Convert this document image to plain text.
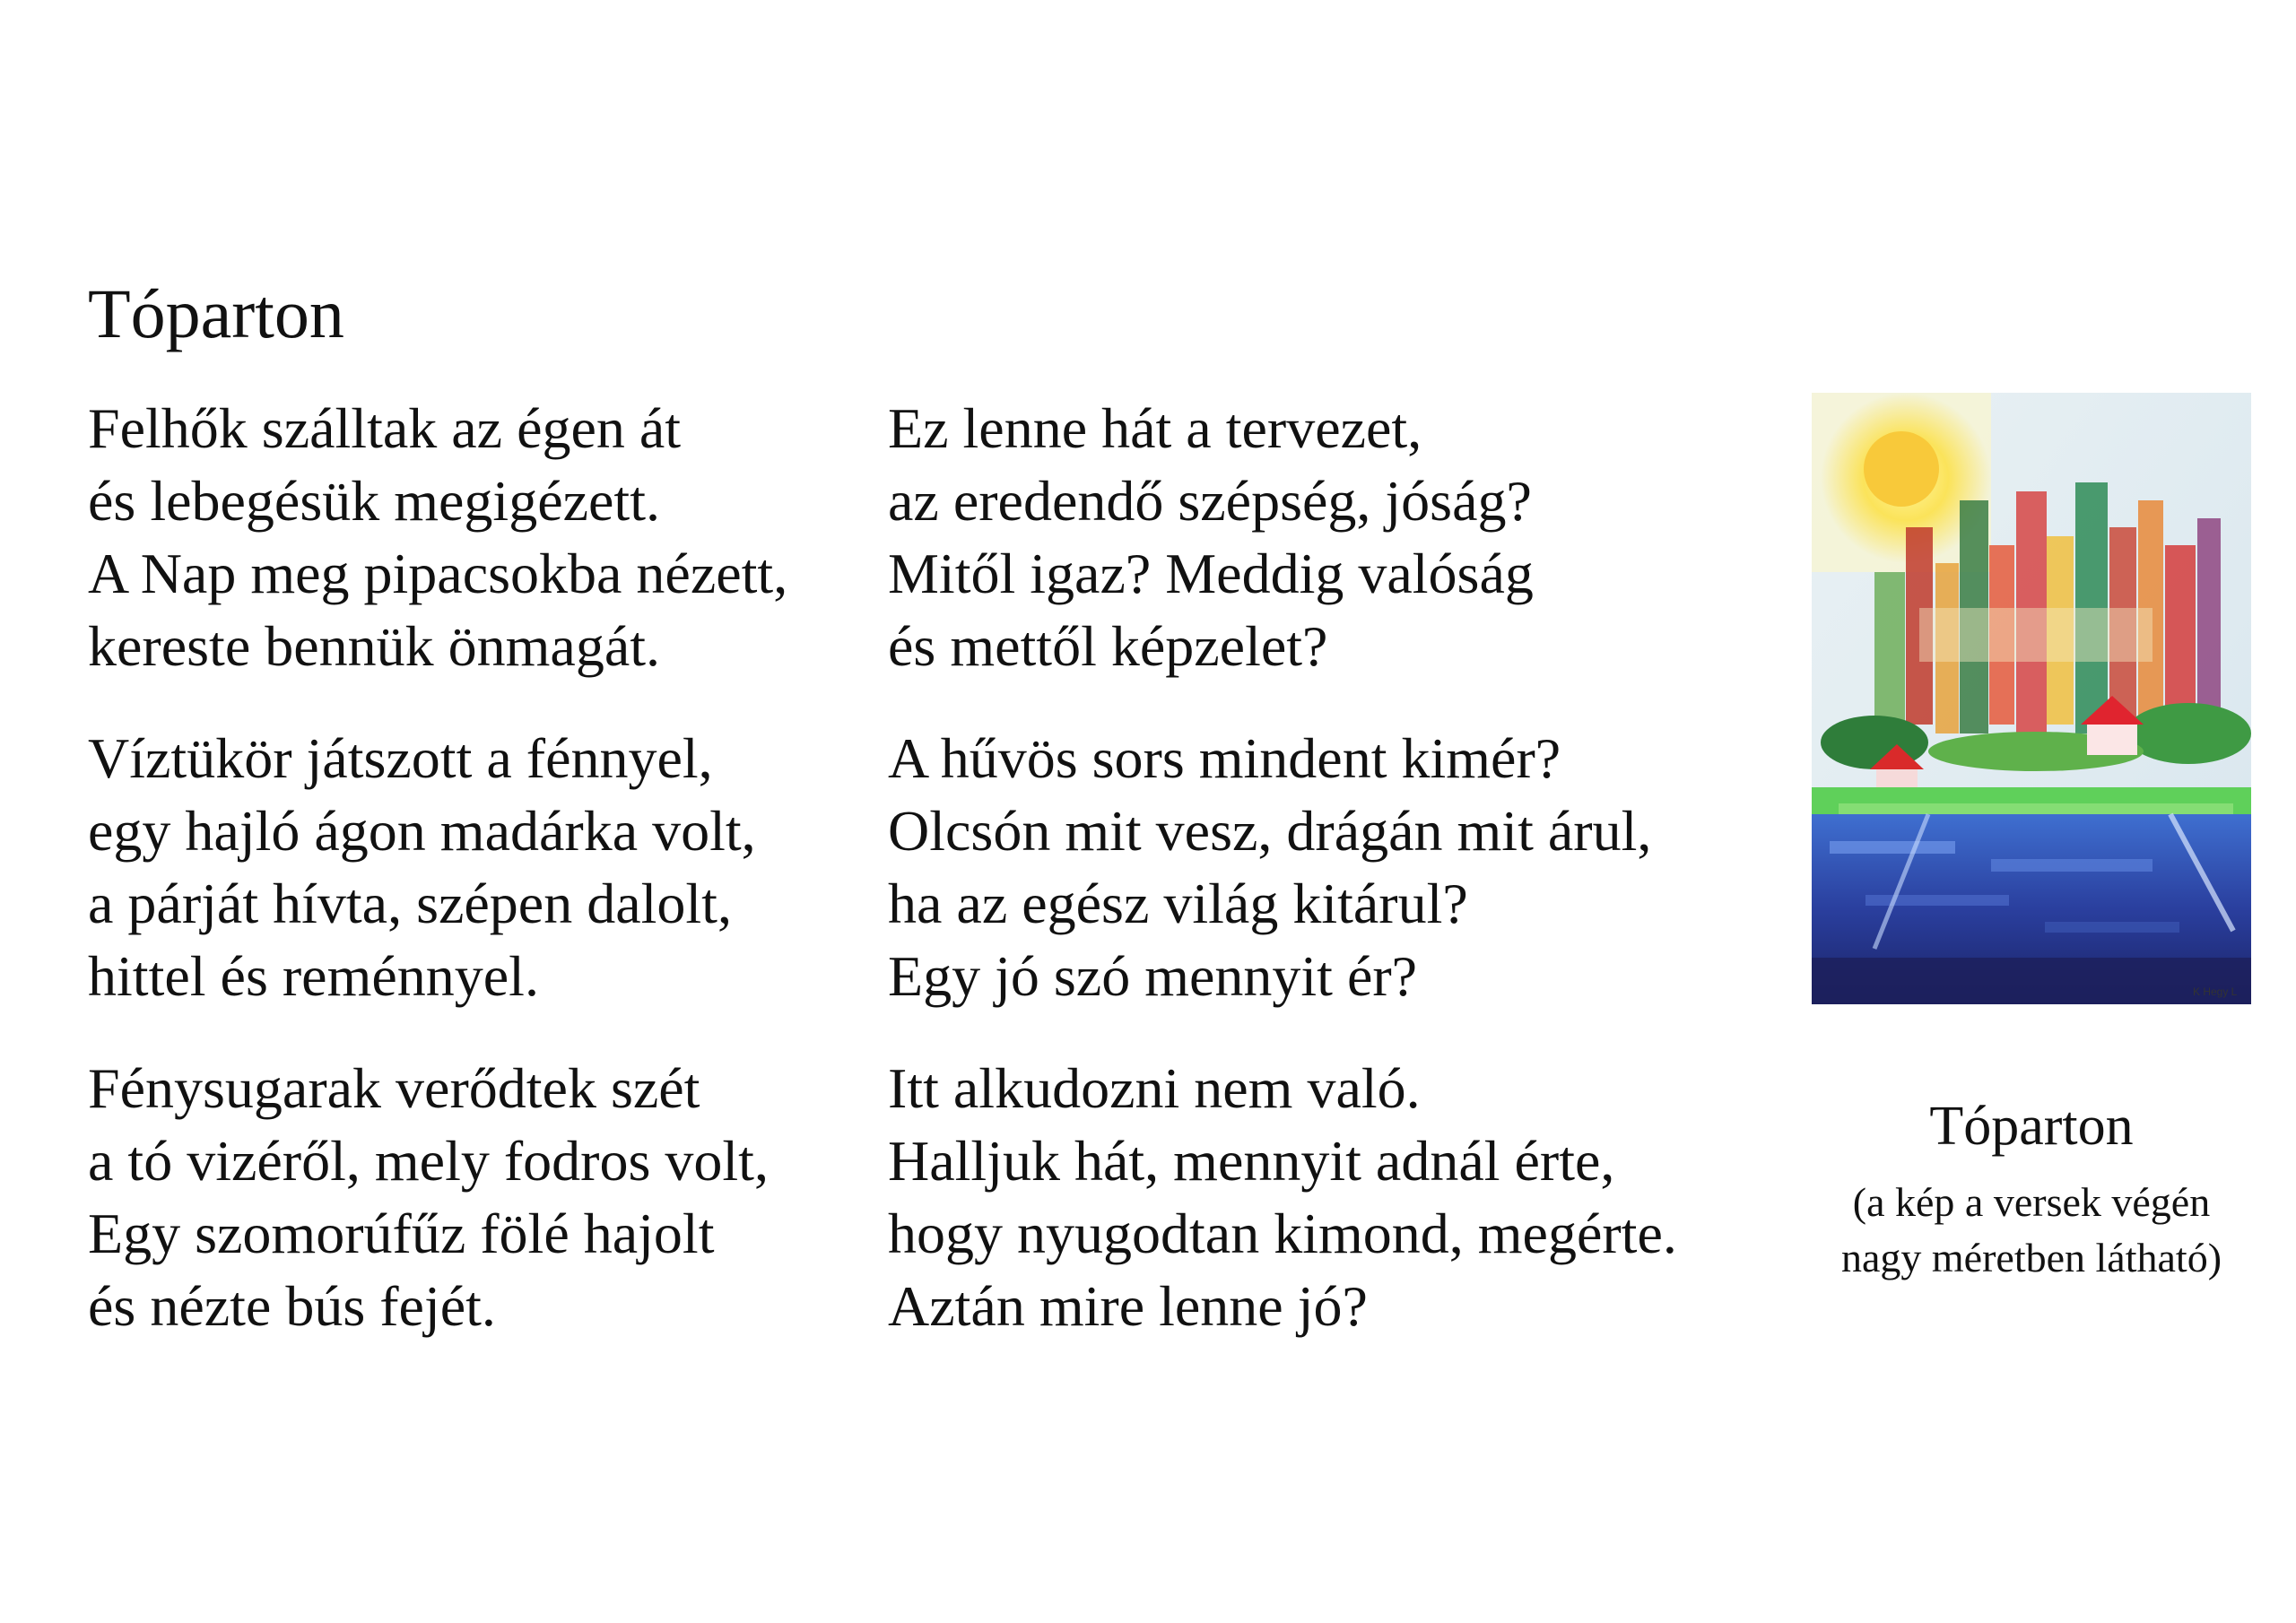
Tóparton
Felhők szálltak az égen át
és lebegésük megigézett.
A Nap meg pipacsokba nézett,
kereste bennük önmagát.
Víztükör játszott a fénnyel,
egy hajló ágon madárka volt,
a párját hívta, szépen dalolt,
hittel és reménnyel.
Fénysugarak verődtek szét
a tó vizéről, mely fodros volt,
Egy szomorúfűz fölé hajolt
és nézte bús fejét.
Ez lenne hát a tervezet,
az eredendő szépség, jóság?
Mitől igaz? Meddig valóság
és mettől képzelet?
A hűvös sors mindent kimér?
Olcsón mit vesz, drágán mit árul,
ha az egész világ kitárul?
Egy jó szó mennyit ér?
Itt alkudozni nem való.
Halljuk hát, mennyit adnál érte,
hogy nyugodtan kimond, megérte.
Aztán mire lenne jó?
K Hegy L
Tóparton
(a kép a versek végén
nagy méretben látható)
